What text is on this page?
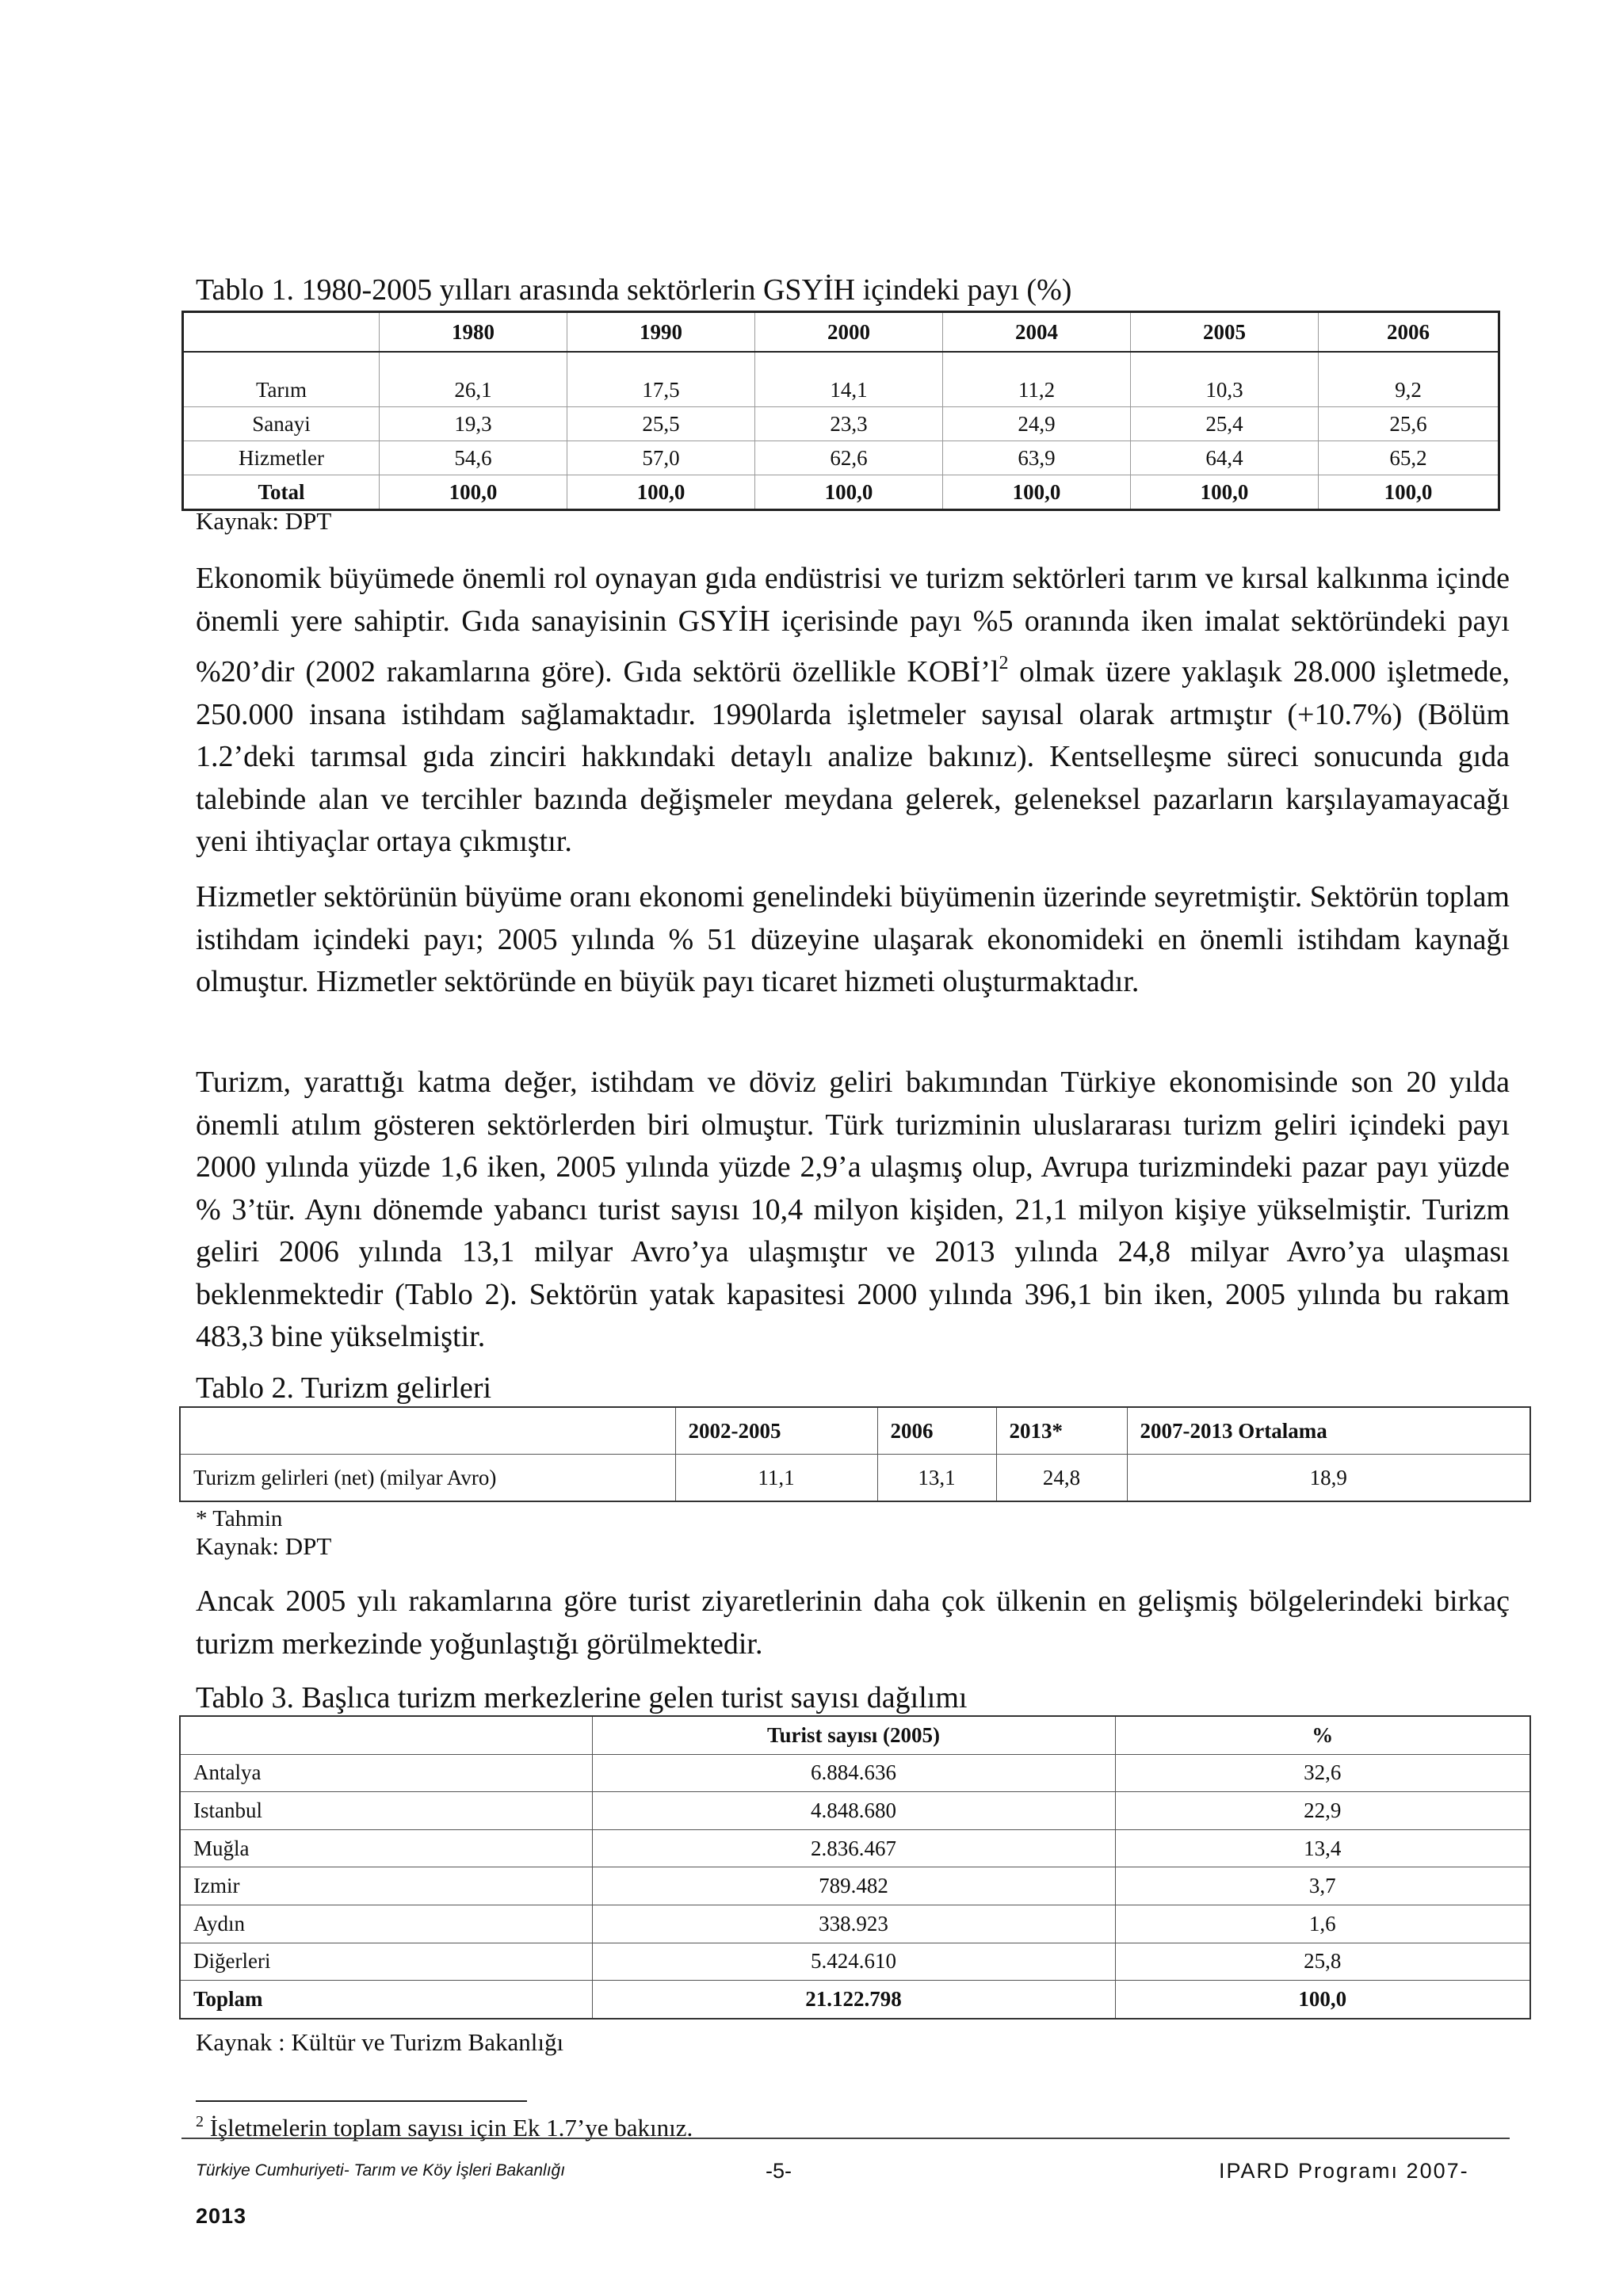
Tablo 1. 1980-2005 yılları arasında sektörlerin GSYİH içindeki payı (%)
	1980	1990	2000	2004	2005	2006

Tarım	26,1	17,5	14,1	11,2	10,3	9,2
Sanayi	19,3	25,5	23,3	24,9	25,4	25,6
Hizmetler	54,6	57,0	62,6	63,9	64,4	65,2
Total	100,0	100,0	100,0	100,0	100,0	100,0
Kaynak: DPT

Ekonomik büyümede önemli rol oynayan gıda endüstrisi ve turizm sektörleri tarım ve kırsal kalkınma içinde önemli yere sahiptir. Gıda sanayisinin GSYİH içerisinde payı %5 oranında iken imalat sektöründeki payı %20’dir (2002 rakamlarına göre). Gıda sektörü özellikle KOBİ’l$^2$ olmak üzere yaklaşık 28.000 işletmede, 250.000 insana istihdam sağlamaktadır. 1990larda işletmeler sayısal olarak artmıştır (+10.7%) (Bölüm 1.2’deki tarımsal gıda zinciri hakkındaki detaylı analize bakınız). Kentselleşme süreci sonucunda gıda talebinde alan ve tercihler bazında değişmeler meydana gelerek, geleneksel pazarların karşılayamayacağı yeni ihtiyaçlar ortaya çıkmıştır.

Hizmetler sektörünün büyüme oranı ekonomi genelindeki büyümenin üzerinde seyretmiştir. Sektörün toplam istihdam içindeki payı; 2005 yılında % 51 düzeyine ulaşarak ekonomideki en önemli istihdam kaynağı olmuştur. Hizmetler sektöründe en büyük payı ticaret hizmeti oluşturmaktadır.

Turizm, yarattığı katma değer, istihdam ve döviz geliri bakımından Türkiye ekonomisinde son 20 yılda önemli atılım gösteren sektörlerden biri olmuştur. Türk turizminin uluslararası turizm geliri içindeki payı 2000 yılında yüzde 1,6 iken, 2005 yılında yüzde 2,9’a ulaşmış olup, Avrupa turizmindeki pazar payı yüzde % 3’tür. Aynı dönemde yabancı turist sayısı 10,4 milyon kişiden, 21,1 milyon kişiye yükselmiştir. Turizm geliri 2006 yılında 13,1 milyar Avro’ya ulaşmıştır ve 2013 yılında 24,8 milyar Avro’ya ulaşması beklenmektedir (Tablo 2). Sektörün yatak kapasitesi 2000 yılında 396,1 bin iken, 2005 yılında bu rakam 483,3 bine yükselmiştir.

Tablo 2. Turizm gelirleri
	2002-2005	2006	2013*	2007-2013 Ortalama
Turizm gelirleri (net) (milyar Avro)	11,1	13,1	24,8	18,9
* Tahmin
Kaynak: DPT

Ancak 2005 yılı rakamlarına göre turist ziyaretlerinin daha çok ülkenin en gelişmiş bölgelerindeki birkaç turizm merkezinde yoğunlaştığı görülmektedir.

Tablo 3. Başlıca turizm merkezlerine gelen turist sayısı dağılımı
	Turist sayısı (2005)	%
Antalya	6.884.636	32,6
Istanbul	4.848.680	22,9
Muğla	2.836.467	13,4
Izmir	789.482	3,7
Aydın	338.923	1,6
Diğerleri	5.424.610	25,8
Toplam	21.122.798	100,0
Kaynak : Kültür ve Turizm Bakanlığı
$^2$ İşletmelerin toplam sayısı için Ek 1.7’ye bakınız.
Türkiye Cumhuriyeti- Tarım ve Köy İşleri Bakanlığı	-5-	IPARD Programı 2007-
2013
